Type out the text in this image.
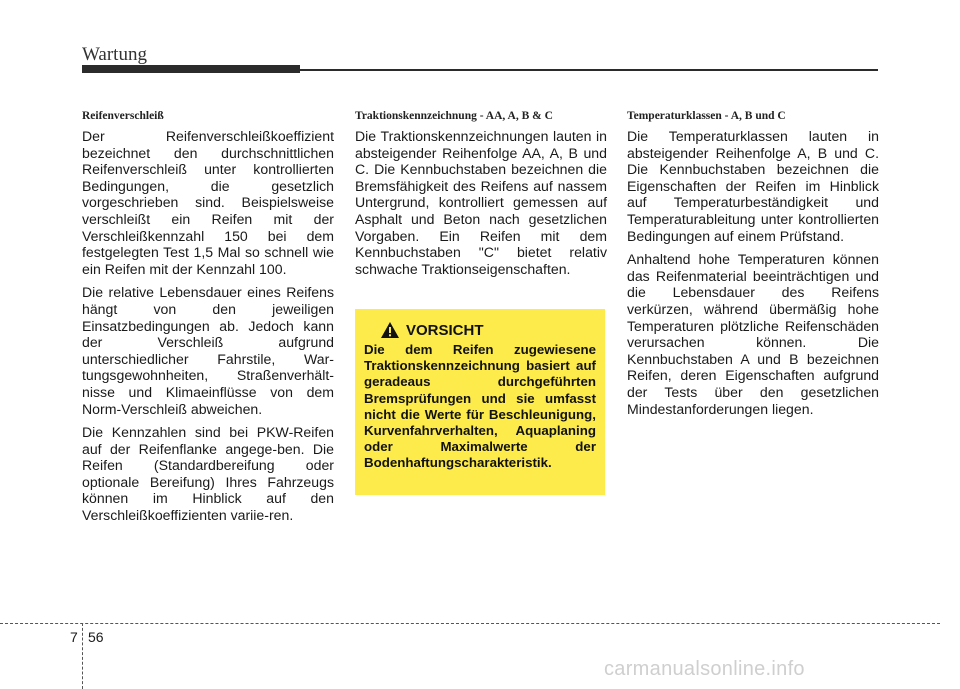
Wartung

Reifenverschleiß

Der Reifenverschleißkoeffizient bezeichnet den durchschnittlichen Reifenverschleiß unter kontrollierten Bedingungen, die gesetzlich vorgeschrieben sind. Beispielsweise verschleißt ein Reifen mit der Verschleißkennzahl 150 bei dem festgelegten Test 1,5 Mal so schnell wie ein Reifen mit der Kennzahl 100.

Die relative Lebensdauer eines Reifens hängt von den jeweiligen Einsatzbedingungen ab. Jedoch kann der Verschleiß aufgrund unterschiedlicher Fahrstile, War-tungsgewohnheiten, Straßenverhält-nisse und Klimaeinflüsse von dem Norm-Verschleiß abweichen.

Die Kennzahlen sind bei PKW-Reifen auf der Reifenflanke angege-ben. Die Reifen (Standardbereifung oder optionale Bereifung) Ihres Fahrzeugs können im Hinblick auf den Verschleißkoeffizienten variie-ren.

Traktionskennzeichnung - AA, A, B & C

Die Traktionskennzeichnungen lauten in absteigender Reihenfolge AA, A, B und C. Die Kennbuchstaben bezeichnen die Bremsfähigkeit des Reifens auf nassem Untergrund, kontrolliert gemessen auf Asphalt und Beton nach gesetzlichen Vorgaben. Ein Reifen mit dem Kennbuchstaben "C" bietet relativ schwache Traktionseigenschaften.

VORSICHT

Die dem Reifen zugewiesene Traktionskennzeichnung basiert auf geradeaus durchgeführten Bremsprüfungen und sie umfasst nicht die Werte für Beschleunigung, Kurvenfahrverhalten, Aquaplaning oder Maximalwerte der Bodenhaftungscharakteristik.

Temperaturklassen - A, B und C

Die Temperaturklassen lauten in absteigender Reihenfolge A, B und C. Die Kennbuchstaben bezeichnen die Eigenschaften der Reifen im Hinblick auf Temperaturbeständigkeit und Temperaturableitung unter kontrollierten Bedingungen auf einem Prüfstand.

Anhaltend hohe Temperaturen können das Reifenmaterial beeinträchtigen und die Lebensdauer des Reifens verkürzen, während übermäßig hohe Temperaturen plötzliche Reifenschäden verursachen können. Die Kennbuchstaben A und B bezeichnen Reifen, deren Eigenschaften aufgrund der Tests über den gesetzlichen Mindestanforderungen liegen.

7 56
carmanualsonline.info
